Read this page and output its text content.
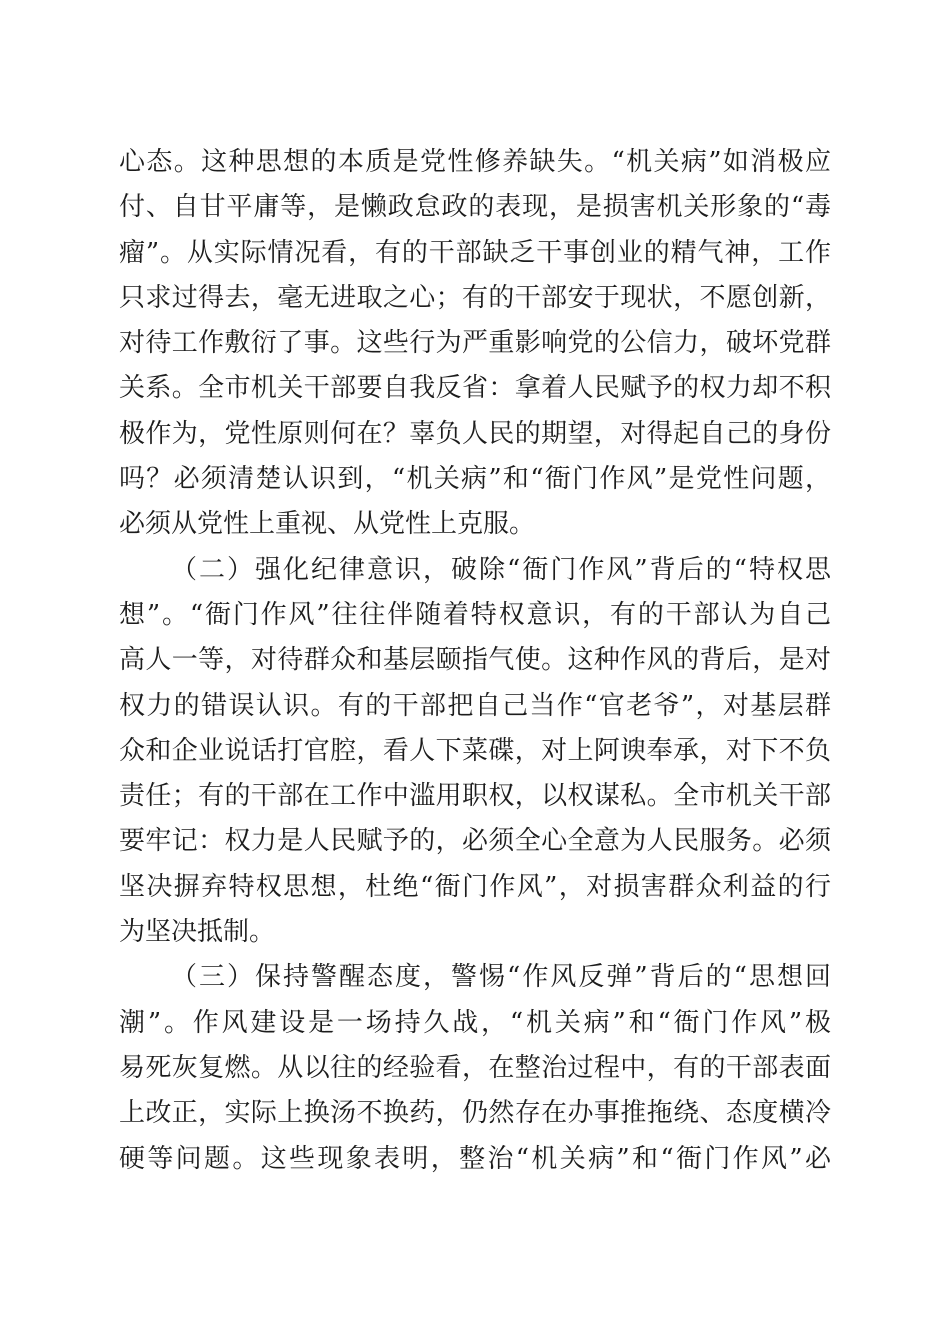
心态。这种思想的本质是党性修养缺失。“机关病”如消极应
付、自甘平庸等，是懒政怠政的表现，是损害机关形象的“毒
瘤”。从实际情况看，有的干部缺乏干事创业的精气神，工作
只求过得去，毫无进取之心；有的干部安于现状，不愿创新，
对待工作敷衍了事。这些行为严重影响党的公信力，破坏党群
关系。全市机关干部要自我反省：拿着人民赋予的权力却不积
极作为，党性原则何在？辜负人民的期望，对得起自己的身份
吗？必须清楚认识到，“机关病”和“衙门作风”是党性问题，
必须从党性上重视、从党性上克服。
（二）强化纪律意识，破除“衙门作风”背后的“特权思
想”。“衙门作风”往往伴随着特权意识，有的干部认为自己
高人一等，对待群众和基层颐指气使。这种作风的背后，是对
权力的错误认识。有的干部把自己当作“官老爷”，对基层群
众和企业说话打官腔，看人下菜碟，对上阿谀奉承，对下不负
责任；有的干部在工作中滥用职权，以权谋私。全市机关干部
要牢记：权力是人民赋予的，必须全心全意为人民服务。必须
坚决摒弃特权思想，杜绝“衙门作风”，对损害群众利益的行
为坚决抵制。
（三）保持警醒态度，警惕“作风反弹”背后的“思想回
潮”。作风建设是一场持久战，“机关病”和“衙门作风”极
易死灰复燃。从以往的经验看，在整治过程中，有的干部表面
上改正，实际上换汤不换药，仍然存在办事推拖绕、态度横冷
硬等问题。这些现象表明，整治“机关病”和“衙门作风”必
